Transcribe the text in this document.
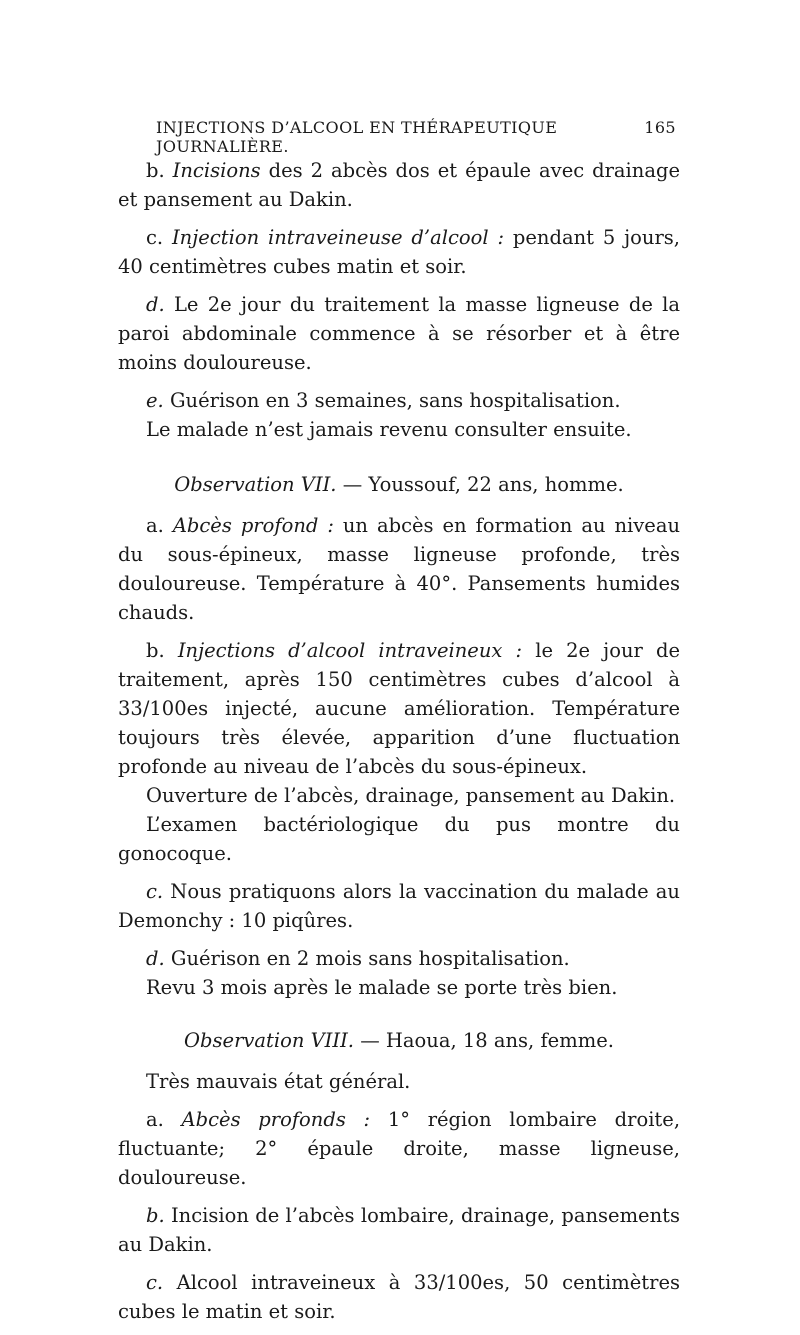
INJECTIONS D’ALCOOL EN THÉRAPEUTIQUE JOURNALIÈRE.
165

b. Incisions des 2 abcès dos et épaule avec drainage et pansement au Dakin.

c. Injection intraveineuse d’alcool : pendant 5 jours, 40 centimètres cubes matin et soir.

d. Le 2e jour du traitement la masse ligneuse de la paroi abdominale commence à se résorber et à être moins douloureuse.

e. Guérison en 3 semaines, sans hospitalisation.

Le malade n’est jamais revenu consulter ensuite.

Observation VII. — Youssouf, 22 ans, homme.

a. Abcès profond : un abcès en formation au niveau du sous-épineux, masse ligneuse profonde, très douloureuse. Température à 40°. Pansements humides chauds.

b. Injections d’alcool intraveineux : le 2e jour de traitement, après 150 centimètres cubes d’alcool à 33/100es injecté, aucune amélioration. Température toujours très élevée, apparition d’une fluctuation profonde au niveau de l’abcès du sous-épineux.

Ouverture de l’abcès, drainage, pansement au Dakin.

L’examen bactériologique du pus montre du gonocoque.

c. Nous pratiquons alors la vaccination du malade au Demonchy : 10 piqûres.

d. Guérison en 2 mois sans hospitalisation.

Revu 3 mois après le malade se porte très bien.

Observation VIII. — Haoua, 18 ans, femme.

Très mauvais état général.

a. Abcès profonds : 1° région lombaire droite, fluctuante; 2° épaule droite, masse ligneuse, douloureuse.

b. Incision de l’abcès lombaire, drainage, pansements au Dakin.

c. Alcool intraveineux à 33/100es, 50 centimètres cubes le matin et soir.
